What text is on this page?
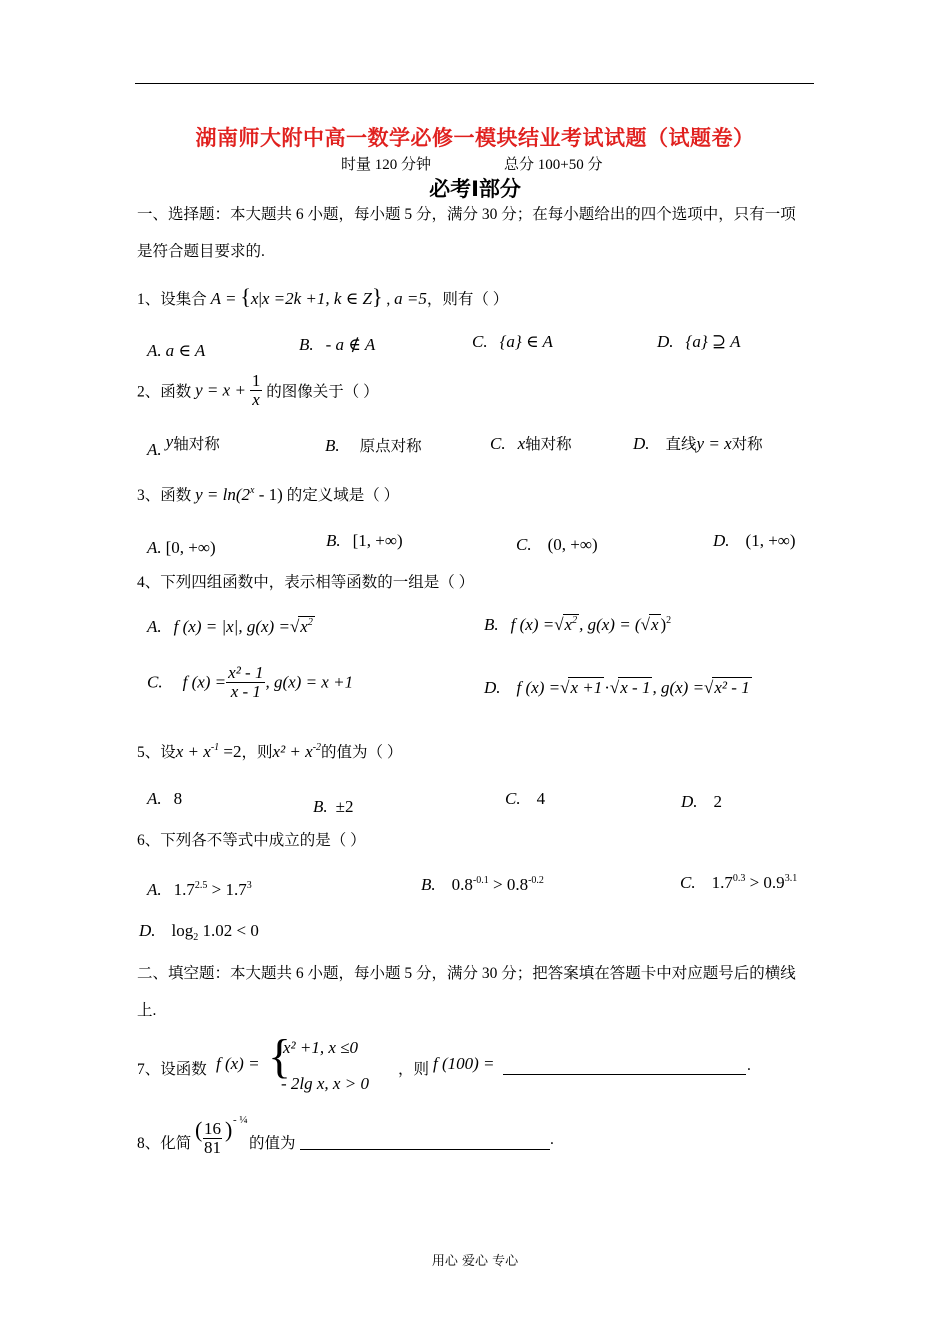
湖南师大附中高一数学必修一模块结业考试试题（试题卷）
时量 120 分钟	总分 100+50 分
必考Ⅰ部分
一、选择题：本大题共 6 小题，每小题 5 分，满分 30 分；在每小题给出的四个选项中，只有一项
是符合题目要求的.
1、设集合 A = {x|x =2k +1, k ∈ Z} , a =5，则有（ ）
A. a ∈ A	B. - a ∉ A	C. {a} ∈ A	D. {a} ⊇ A
2、函数 $y = x + \frac{1}{x}$ 的图像关于（ ）
A. y轴对称	B. 原点对称	C. x轴对称	D. 直线y = x对称
3、函数 $y = \ln(2^x - 1)$ 的定义域是（ ）
A. [0, +∞)	B. [1, +∞)	C. (0, +∞)	D. (1, +∞)
4、下列四组函数中，表示相等函数的一组是（ ）
A. f (x) = |x|, $g(x) =√x^2$	B. f $(x) =√x^2$ , g(x) = (√x )$^2$
C. f $(x) = \frac{\text{x² - 1}}{x - 1}$ , g(x) = x +1	D. f (x) =√x +1 ·√x - 1 , g(x) =√x² - 1
5、设$x + x^{-1} =2$，则$x^2 + x^{-2}$的值为（ ）
A. 8	B. ±2	C. 4	D. 2
6、下列各不等式中成立的是（ ）
A. $1.7^{2.5} > 1.7^3$	B. $0.8^{-0.1} > 0.8^{-0.2}$	C. $1.7^{0.3} > 0.9^{3.1}$
D. $\log_2 1.02 < 0$
二、填空题：本大题共 6 小题，每小题 5 分，满分 30 分；把答案填在答题卡中对应题号后的横线
上.
7、设函数 f (x) = {
x² +1, x ≤0
- 2lg x, x > 0
，则 f (100) =	.
8、化简
( $\frac{16}{81}$ ) - ¼
的值为	.
用心 爱心 专心
